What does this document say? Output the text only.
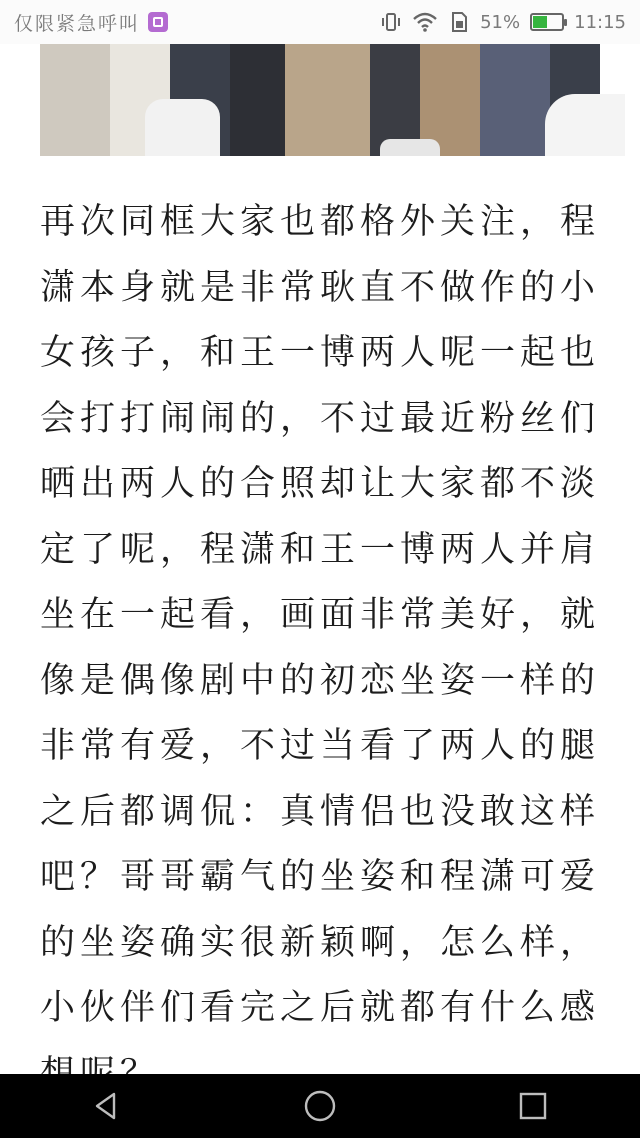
仅限紧急呼叫	51%	11:15

再次同框大家也都格外关注，程潇本身就是非常耿直不做作的小女孩子，和王一博两人呢一起也会打打闹闹的，不过最近粉丝们晒出两人的合照却让大家都不淡定了呢，程潇和王一博两人并肩坐在一起看，画面非常美好，就像是偶像剧中的初恋坐姿一样的非常有爱，不过当看了两人的腿之后都调侃：真情侣也没敢这样吧？哥哥霸气的坐姿和程潇可爱的坐姿确实很新颖啊，怎么样，小伙伴们看完之后就都有什么感
